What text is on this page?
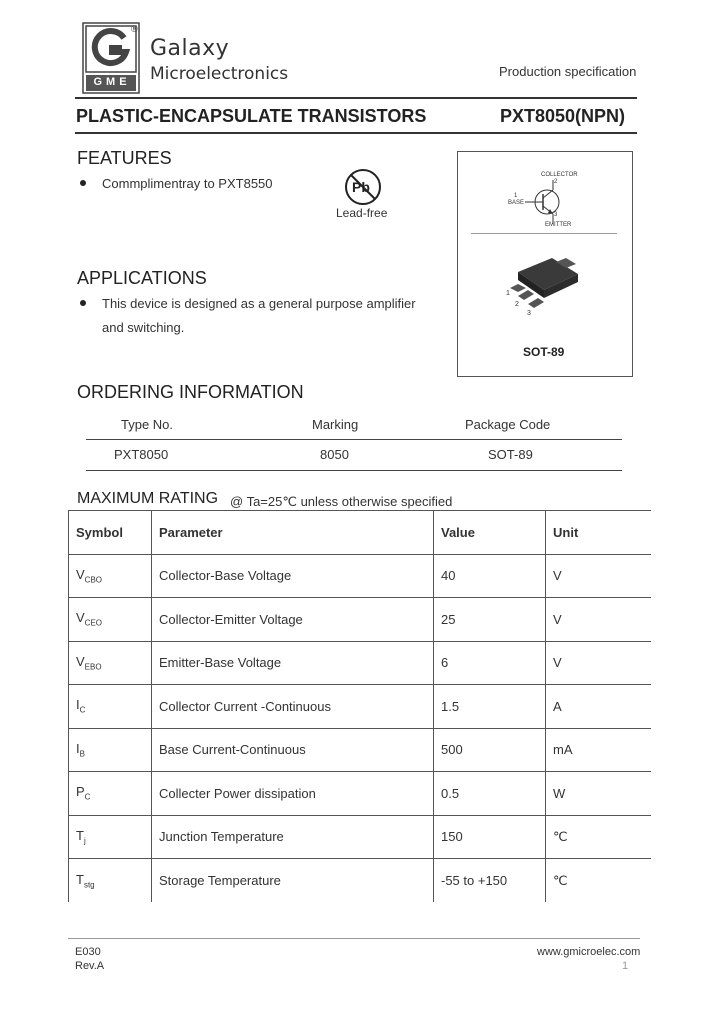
GME
®
Galaxy
Microelectronics	Production specification
PLASTIC-ENCAPSULATE TRANSISTORS	PXT8050(NPN)
FEATURES
Commplimentray to PXT8550	Pb
Lead-free
COLLECTOR
BASE
EMITTER
2
1
3
1
2
3
SOT-89
APPLICATIONS
This device is designed as a general purpose amplifier
and switching.
ORDERING INFORMATION
Type No.	Marking	Package Code
PXT8050	8050	SOT-89
MAXIMUM RATING @ Ta=25℃ unless otherwise specified
Symbol	Parameter	Value	Unit
$V_{CBO}$	Collector-Base Voltage	40	V
$V_{CEO}$	Collector-Emitter Voltage	25	V
$V_{EBO}$	Emitter-Base Voltage	6	V
$I_C$	Collector Current -Continuous	1.5	A
$I_B$	Base Current-Continuous	500	mA
$P_C$	Collecter Power dissipation	0.5	W
$T_j$	Junction Temperature	150	℃
$T_{stg}$	Storage Temperature	-55 to +150	℃
E030
Rev.A
www.gmicroelec.com
1
